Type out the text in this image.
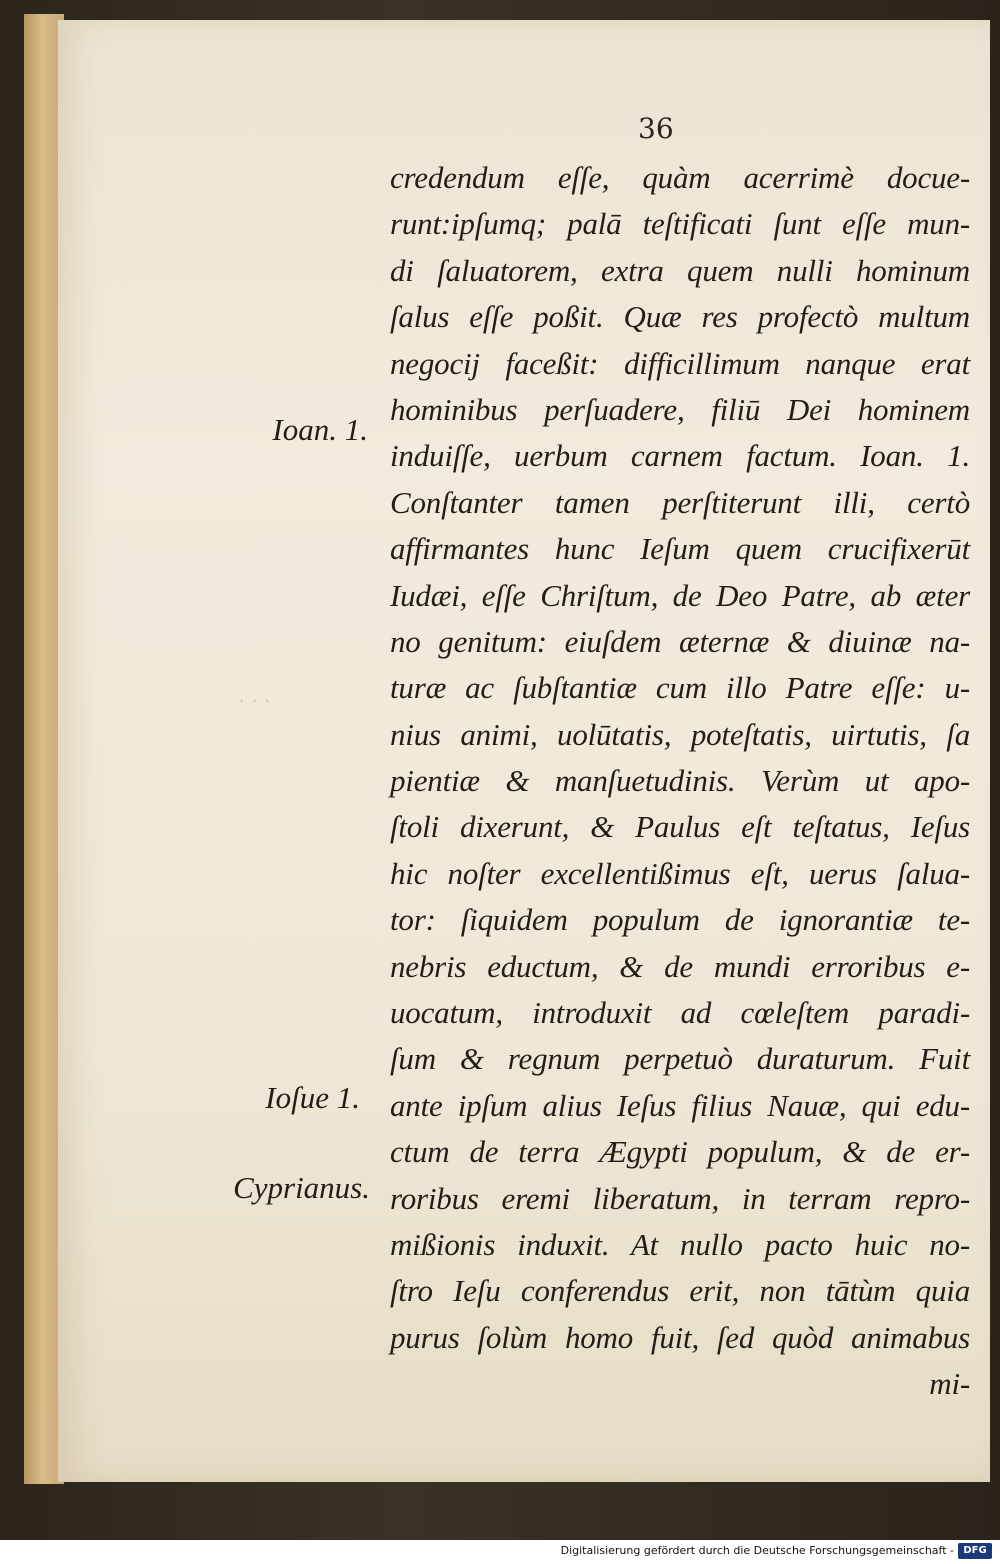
· · ·
36
credendum eſſe, quàm acerrimè docue-
runt:ipſumq; palā teſtificati ſunt eſſe mun-
di ſaluatorem, extra quem nulli hominum
ſalus eſſe poßit. Quæ res profectò multum
negocij faceßit: difficillimum nanque erat
hominibus perſuadere, filiū Dei hominem
induiſſe, uerbum carnem factum. Ioan. 1.
Conſtanter tamen perſtiterunt illi, certò
affirmantes hunc Ieſum quem crucifixerūt
Iudæi, eſſe Chriſtum, de Deo Patre, ab æter
no genitum: eiuſdem æternæ & diuinæ na-
turæ ac ſubſtantiæ cum illo Patre eſſe: u-
nius animi, uolūtatis, poteſtatis, uirtutis, ſa
pientiæ & manſuetudinis. Verùm ut apo-
ſtoli dixerunt, & Paulus eſt teſtatus, Ieſus
hic noſter excellentißimus eſt, uerus ſalua-
tor: ſiquidem populum de ignorantiæ te-
nebris eductum, & de mundi erroribus e-
uocatum, introduxit ad cœleſtem paradi-
ſum & regnum perpetuò duraturum. Fuit
ante ipſum alius Ieſus filius Nauæ, qui edu-
ctum de terra Ægypti populum, & de er-
roribus eremi liberatum, in terram repro-
mißionis induxit. At nullo pacto huic no-
ſtro Ieſu conferendus erit, non tātùm quia
purus ſolùm homo fuit, ſed quòd animabus
mi-
Ioan. 1.
Ioſue 1.
Cyprianus.
Digitalisierung gefördert durch die Deutsche Forschungsgemeinschaft - DFG
